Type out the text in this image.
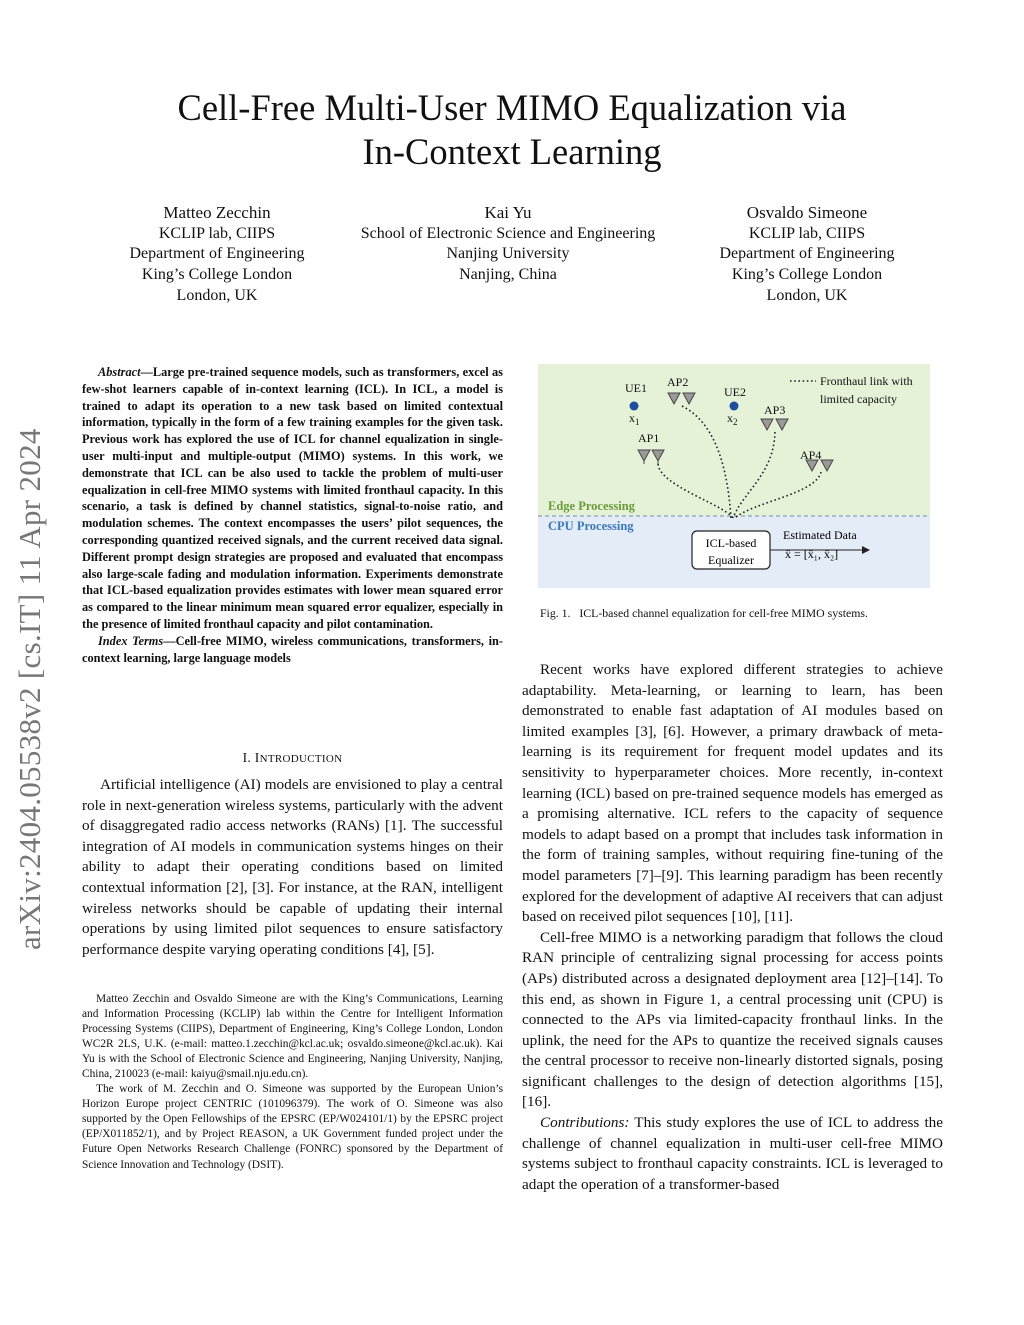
Cell-Free Multi-User MIMO Equalization via
In-Context Learning
Matteo Zecchin
KCLIP lab, CIIPS
Department of Engineering
King’s College London
London, UK
Kai Yu
School of Electronic Science and Engineering
Nanjing University
Nanjing, China
Osvaldo Simeone
KCLIP lab, CIIPS
Department of Engineering
King’s College London
London, UK
arXiv:2404.05538v2 [cs.IT] 11 Apr 2024

Abstract—Large pre-trained sequence models, such as transformers, excel as few-shot learners capable of in-context learning (ICL). In ICL, a model is trained to adapt its operation to a new task based on limited contextual information, typically in the form of a few training examples for the given task. Previous work has explored the use of ICL for channel equalization in single-user multi-input and multiple-output (MIMO) systems. In this work, we demonstrate that ICL can be also used to tackle the problem of multi-user equalization in cell-free MIMO systems with limited fronthaul capacity. In this scenario, a task is defined by channel statistics, signal-to-noise ratio, and modulation schemes. The context encompasses the users’ pilot sequences, the corresponding quantized received signals, and the current received data signal. Different prompt design strategies are proposed and evaluated that encompass also large-scale fading and modulation information. Experiments demonstrate that ICL-based equalization provides estimates with lower mean squared error as compared to the linear minimum mean squared error equalizer, especially in the presence of limited fronthaul capacity and pilot contamination.

Index Terms—Cell-free MIMO, wireless communications, transformers, in-context learning, large language models

I. INTRODUCTION

Artificial intelligence (AI) models are envisioned to play a central role in next-generation wireless systems, particularly with the advent of disaggregated radio access networks (RANs) [1]. The successful integration of AI models in communication systems hinges on their ability to adapt their operating conditions based on limited contextual information [2], [3]. For instance, at the RAN, intelligent wireless networks should be capable of updating their internal operations by using limited pilot sequences to ensure satisfactory performance despite varying operating conditions [4], [5].

Matteo Zecchin and Osvaldo Simeone are with the King’s Communications, Learning and Information Processing (KCLIP) lab within the Centre for Intelligent Information Processing Systems (CIIPS), Department of Engineering, King’s College London, London WC2R 2LS, U.K. (e-mail: matteo.1.zecchin@kcl.ac.uk; osvaldo.simeone@kcl.ac.uk). Kai Yu is with the School of Electronic Science and Engineering, Nanjing University, Nanjing, China, 210023 (e-mail: kaiyu@smail.nju.edu.cn).

The work of M. Zecchin and O. Simeone was supported by the European Union’s Horizon Europe project CENTRIC (101096379). The work of O. Simeone was also supported by the Open Fellowships of the EPSRC (EP/W024101/1) by the EPSRC project (EP/X011852/1), and by Project REASON, a UK Government funded project under the Future Open Networks Research Challenge (FONRC) sponsored by the Department of Science Innovation and Technology (DSIT).

UE1
$x_1$
AP2
UE2
$x_2$
AP3
AP1
AP4
Fronthaul link with
limited capacity
Edge Processing
CPU Processing
ICL-based
Equalizer
Estimated Data
x̂ = [x̂₁, x̂₂]
Fig. 1. ICL-based channel equalization for cell-free MIMO systems.

Recent works have explored different strategies to achieve adaptability. Meta-learning, or learning to learn, has been demonstrated to enable fast adaptation of AI modules based on limited examples [3], [6]. However, a primary drawback of meta-learning is its requirement for frequent model updates and its sensitivity to hyperparameter choices. More recently, in-context learning (ICL) based on pre-trained sequence models has emerged as a promising alternative. ICL refers to the capacity of sequence models to adapt based on a prompt that includes task information in the form of training samples, without requiring fine-tuning of the model parameters [7]–[9]. This learning paradigm has been recently explored for the development of adaptive AI receivers that can adjust based on received pilot sequences [10], [11].

Cell-free MIMO is a networking paradigm that follows the cloud RAN principle of centralizing signal processing for access points (APs) distributed across a designated deployment area [12]–[14]. To this end, as shown in Figure 1, a central processing unit (CPU) is connected to the APs via limited-capacity fronthaul links. In the uplink, the need for the APs to quantize the received signals causes the central processor to receive non-linearly distorted signals, posing significant challenges to the design of detection algorithms [15], [16].

Contributions: This study explores the use of ICL to address the challenge of channel equalization in multi-user cell-free MIMO systems subject to fronthaul capacity constraints. ICL is leveraged to adapt the operation of a transformer-based
